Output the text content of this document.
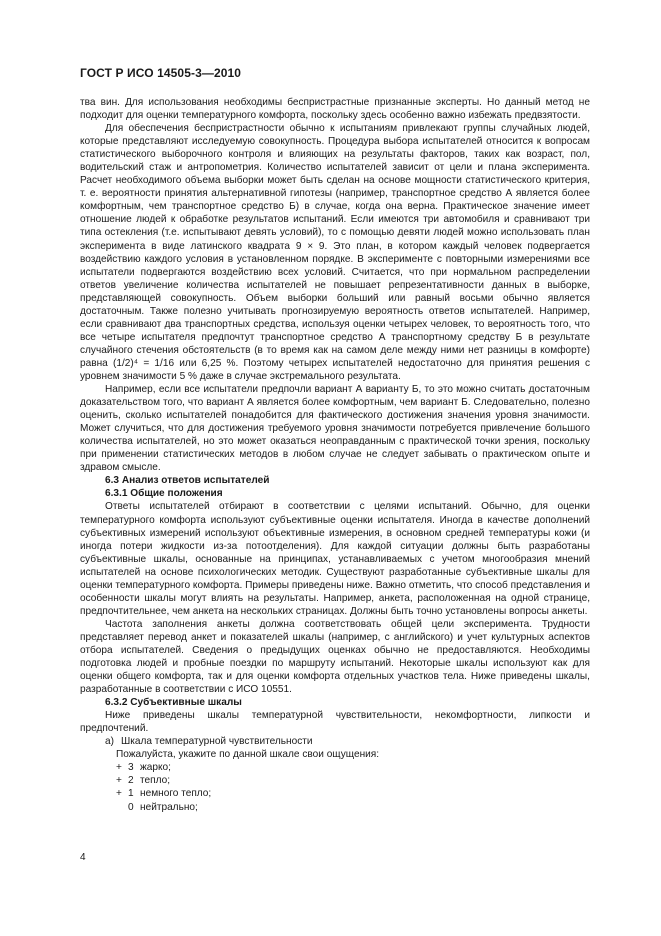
ГОСТ Р ИСО 14505-3—2010

тва вин. Для использования необходимы беспристрастные признанные эксперты. Но данный метод не подходит для оценки температурного комфорта, поскольку здесь особенно важно избежать предвзятости.

Для обеспечения беспристрастности обычно к испытаниям привлекают группы случайных людей, которые представляют исследуемую совокупность. Процедура выбора испытателей относится к вопросам статистического выборочного контроля и влияющих на результаты факторов, таких как возраст, пол, водительский стаж и антропометрия. Количество испытателей зависит от цели и плана эксперимента. Расчет необходимого объема выборки может быть сделан на основе мощности статистического критерия, т. е. вероятности принятия альтернативной гипотезы (например, транспортное средство А является более комфортным, чем транспортное средство Б) в случае, когда она верна. Практическое значение имеет отношение людей к обработке результатов испытаний. Если имеются три автомобиля и сравнивают три типа остекления (т.е. испытывают девять условий), то с помощью девяти людей можно использовать план эксперимента в виде латинского квадрата 9 × 9. Это план, в котором каждый человек подвергается воздействию каждого условия в установленном порядке. В эксперименте с повторными измерениями все испытатели подвергаются воздействию всех условий. Считается, что при нормальном распределении ответов увеличение количества испытателей не повышает репрезентативности данных в выборке, представляющей совокупность. Объем выборки больший или равный восьми обычно является достаточным. Также полезно учитывать прогнозируемую вероятность ответов испытателей. Например, если сравнивают два транспортных средства, используя оценки четырех человек, то вероятность того, что все четыре испытателя предпочтут транспортное средство А транспортному средству Б в результате случайного стечения обстоятельств (в то время как на самом деле между ними нет разницы в комфорте) равна (1/2)⁴ = 1/16 или 6,25 %. Поэтому четырех испытателей недостаточно для принятия решения с уровнем значимости 5 % даже в случае экстремального результата.

Например, если все испытатели предпочли вариант А варианту Б, то это можно считать достаточным доказательством того, что вариант А является более комфортным, чем вариант Б. Следовательно, полезно оценить, сколько испытателей понадобится для фактического достижения значения уровня значимости. Может случиться, что для достижения требуемого уровня значимости потребуется привлечение большого количества испытателей, но это может оказаться неоправданным с практической точки зрения, поскольку при применении статистических методов в любом случае не следует забывать о практическом опыте и здравом смысле.

6.3 Анализ ответов испытателей

6.3.1 Общие положения

Ответы испытателей отбирают в соответствии с целями испытаний. Обычно, для оценки температурного комфорта используют субъективные оценки испытателя. Иногда в качестве дополнений субъективных измерений используют объективные измерения, в основном средней температуры кожи (и иногда потери жидкости из-за потоотделения). Для каждой ситуации должны быть разработаны субъективные шкалы, основанные на принципах, устанавливаемых с учетом многообразия мнений испытателей на основе психологических методик. Существуют разработанные субъективные шкалы для оценки температурного комфорта. Примеры приведены ниже. Важно отметить, что способ представления и особенности шкалы могут влиять на результаты. Например, анкета, расположенная на одной странице, предпочтительнее, чем анкета на нескольких страницах. Должны быть точно установлены вопросы анкеты.

Частота заполнения анкеты должна соответствовать общей цели эксперимента. Трудности представляет перевод анкет и показателей шкалы (например, с английского) и учет культурных аспектов отбора испытателей. Сведения о предыдущих оценках обычно не предоставляются. Необходимы подготовка людей и пробные поездки по маршруту испытаний. Некоторые шкалы используют как для оценки общего комфорта, так и для оценки комфорта отдельных участков тела. Ниже приведены шкалы, разработанные в соответствии с ИСО 10551.

6.3.2 Субъективные шкалы

Ниже приведены шкалы температурной чувствительности, некомфортности, липкости и предпочтений.

а) Шкала температурной чувствительности

Пожалуйста, укажите по данной шкале свои ощущения:

+ 3 жарко;
+ 2 тепло;
+ 1 немного тепло;
0 нейтрально;
4
